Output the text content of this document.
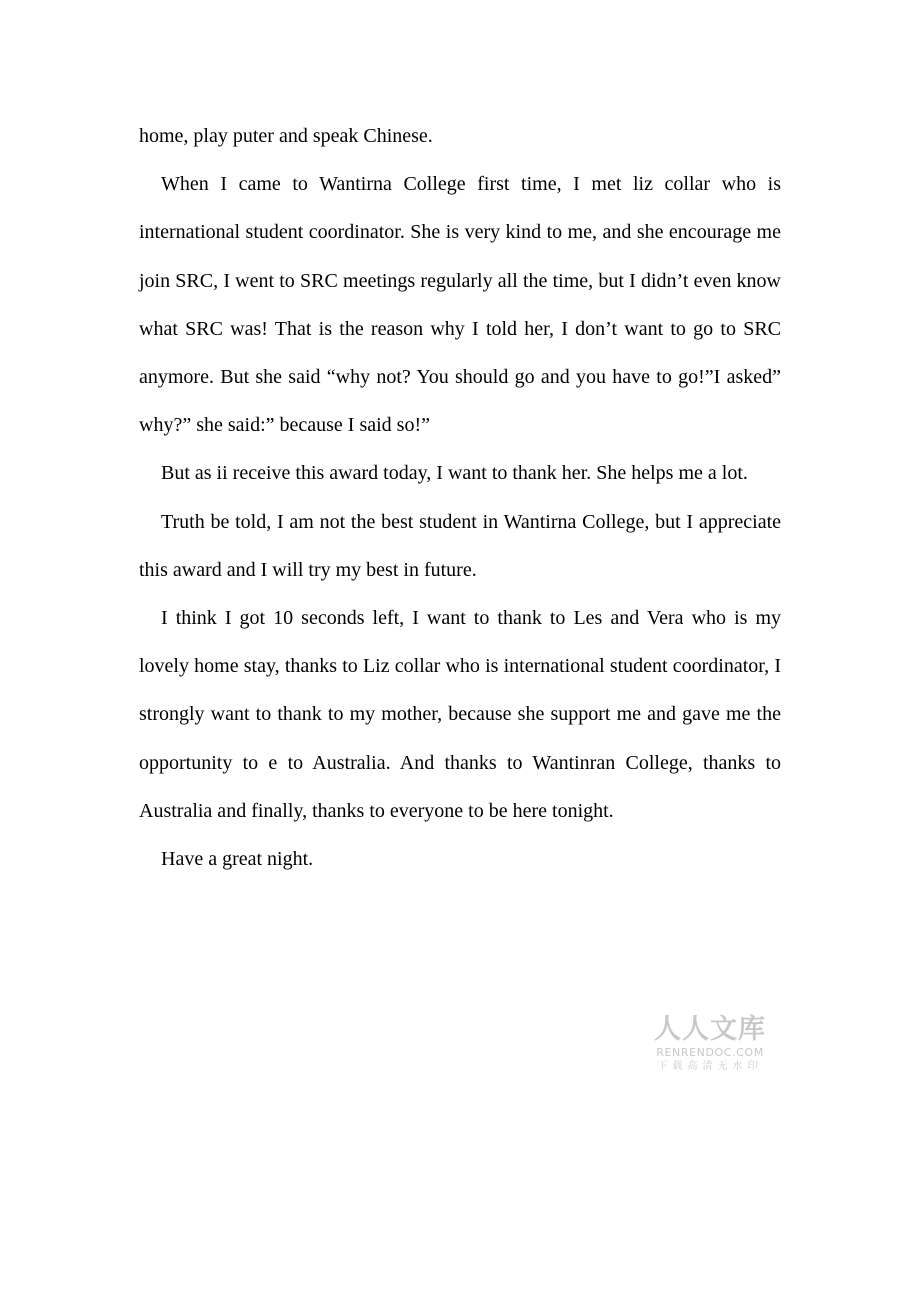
home, play puter and speak Chinese.

When I came to Wantirna College first time, I met liz collar who is international student coordinator. She is very kind to me, and she encourage me join SRC, I went to SRC meetings regularly all the time, but I didn’t even know what SRC was! That is the reason why I told her, I don’t want to go to SRC anymore. But she said “why not? You should go and you have to go!”I asked” why?” she said:” because I said so!”

But as ii receive this award today, I want to thank her. She helps me a lot.

Truth be told, I am not the best student in Wantirna College, but I appreciate this award and I will try my best in future.

I think I got 10 seconds left, I want to thank to Les and Vera who is my lovely home stay, thanks to Liz collar who is international student coordinator, I strongly want to thank to my mother, because she support me and gave me the opportunity to e to Australia. And thanks to Wantinran College, thanks to Australia and finally, thanks to everyone to be here tonight.

Have a great night.

人人文库
RENRENDOC.COM
下载高清无水印
